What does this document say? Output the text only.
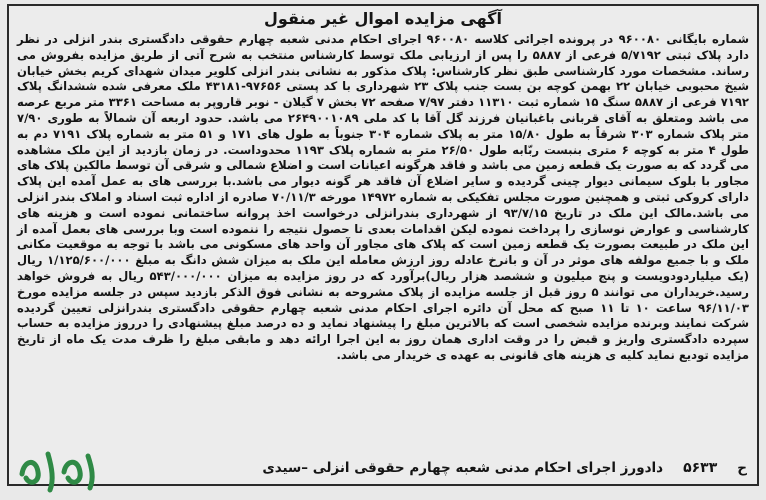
آگهی مزایده اموال غیر منقول
شماره بایگانی ۹۶۰۰۸۰ در پرونده اجرائی کلاسه ۹۶۰۰۸۰ اجرای احکام مدنی شعبه چهارم حقوقی دادگستری بندر انزلی در نظر دارد پلاک ثبتی ۵/۷۱۹۲ فرعی از ۵۸۸۷ را پس از ارزیابی ملک توسط کارشناس منتخب به شرح آتی از طریق مزایده بفروش می رساند. مشخصات مورد کارشناسی طبق نظر کارشناس: پلاک مذکور به نشانی بندر انزلی کلویر میدان شهدای کریم بخش خیابان شیخ محبوبی خیابان ۲۲ بهمن کوچه بن بست جنب پلاک ۲۳ شهرداری با کد پستی ۹۷۶۵۶-۴۳۱۸۱ ملک معرفی شده ششدانگ پلاک ۷۱۹۲ فرعی از ۵۸۸۷ سنگ ۱۵ شماره ثبت ۱۱۳۱۰ دفتر ۷/۹۷ صفحه ۷۲ بخش ۷ گیلان - نوبر قاروپر به مساحت ۳۳۶۱ متر مربع عرصه می باشد ومتعلق به آقای قربانی باغبانیان فرزند گل آقا با کد ملی ۲۶۴۹۰۰۱۰۸۹ می باشد. حدود اربعه آن شمالاً به طوری ۷/۹۰ متر پلاک شماره ۳۰۳ شرقاً به طول ۱۵/۸۰ متر به پلاک شماره ۳۰۴ جنوباً به طول های ۱۷۱ و ۵۱ متر به شماره پلاک ۷۱۹۱ دم به طول ۴ متر به کوچه ۶ متری بنبست ربّابه طول ۲۶/۵۰ متر به شماره پلاک ۱۱۹۳ محدوداست. در زمان بازدید از این ملک مشاهده می گردد که به صورت یک قطعه زمین می باشد و فاقد هرگونه اعیانات است و اضلاع شمالی و شرقی آن توسط مالکین پلاک های مجاور با بلوک سیمانی دیوار چینی گردیده و سایر اضلاع آن فاقد هر گونه دیوار می باشد.با بررسی های به عمل آمده این پلاک دارای کروکی ثبتی و همچنین صورت مجلس تفکیکی به شماره ۱۴۹۷۲ مورخه ۷۰/۱۱/۳ صادره از اداره ثبت اسناد و املاک بندر انزلی می باشد.مالک این ملک در تاریخ ۹۳/۷/۱۵ از شهرداری بندرانزلی درخواست اخذ پروانه ساختمانی نموده است و هزینه های کارشناسی و عوارض نوسازی را پرداخت نموده لیکن اقدامات بعدی تا حصول نتیجه را ننموده است وبا بررسی های بعمل آمده از این ملک در طبیعت بصورت یک قطعه زمین است که پلاک های مجاور آن واحد های مسکونی می باشد با توجه به موقعیت مکانی ملک و با جمیع مولفه های موثر در آن و بانرخ عادله روز ارزش معامله این ملک به میزان شش دانگ به مبلغ ۱/۱۲۵/۶۰۰/۰۰۰ ریال (یک میلیاردودویست و پنج میلیون و ششصد هزار ریال)برآورد که در روز مزایده به میزان ۵۴۳/۰۰۰/۰۰۰ ریال به فروش خواهد رسید.خریداران می توانند ۵ روز قبل از جلسه مزایده از پلاک مشروحه به نشانی فوق الذکر بازدید سپس در جلسه مزایده مورخ ۹۶/۱۱/۰۳ ساعت ۱۰ تا ۱۱ صبح که محل آن دائره اجرای احکام مدنی شعبه چهارم حقوقی دادگستری بندرانزلی تعیین گردیده شرکت نمایند وبرنده مزایده شخصی است که بالاترین مبلغ را پیشنهاد نماید و ده درصد مبلغ پیشنهادی را درروز مزایده به حساب سپرده دادگستری واریز و قبض را در وقت اداری همان روز به این اجرا ارائه دهد و مابقی مبلغ را ظرف مدت یک ماه از تاریخ مزایده تودیع نماید کلیه ی هزینه های قانونی به عهده ی خریدار می باشد.
ح
۵۶۳۳
دادورز اجرای احکام مدنی شعبه چهارم حقوقی انزلی –سیدی
